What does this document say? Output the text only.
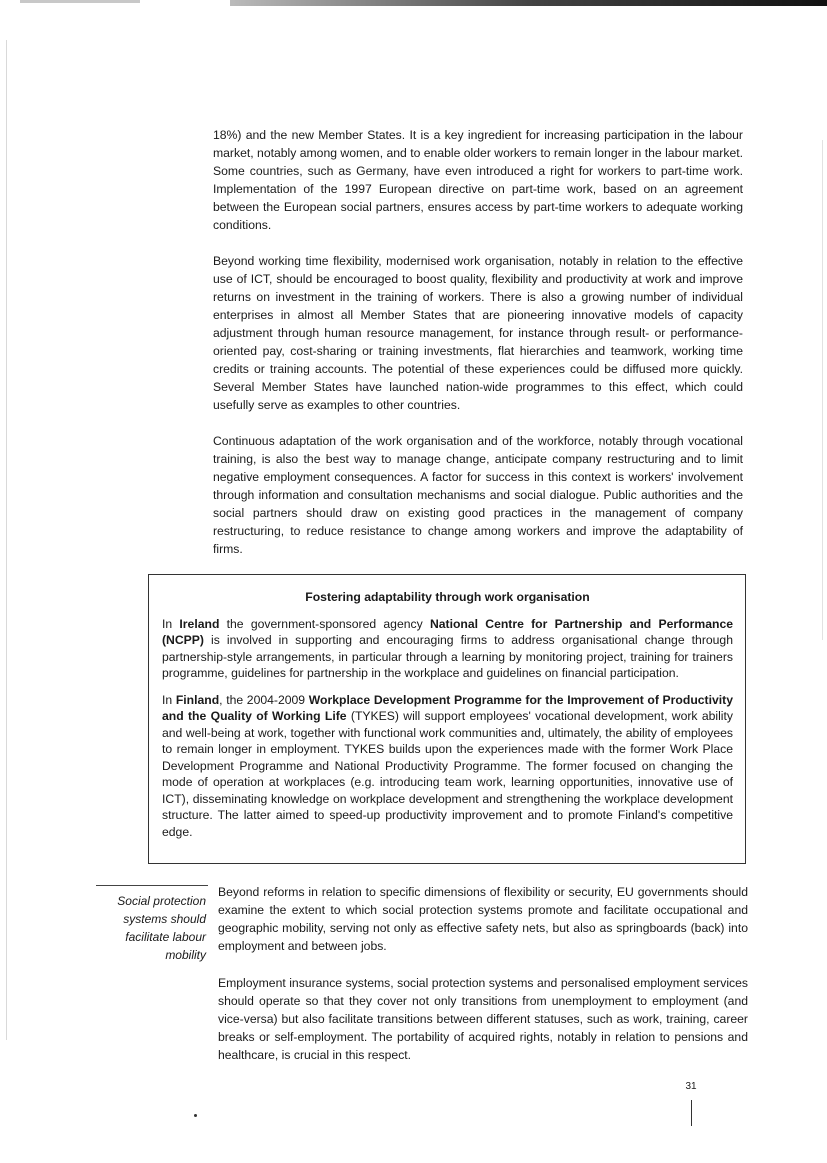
18%) and the new Member States. It is a key ingredient for increasing participation in the labour market, notably among women, and to enable older workers to remain longer in the labour market. Some countries, such as Germany, have even introduced a right for workers to part-time work. Implementation of the 1997 European directive on part-time work, based on an agreement between the European social partners, ensures access by part-time workers to adequate working conditions.

Beyond working time flexibility, modernised work organisation, notably in relation to the effective use of ICT, should be encouraged to boost quality, flexibility and productivity at work and improve returns on investment in the training of workers. There is also a growing number of individual enterprises in almost all Member States that are pioneering innovative models of capacity adjustment through human resource management, for instance through result- or performance-oriented pay, cost-sharing or training investments, flat hierarchies and teamwork, working time credits or training accounts. The potential of these experiences could be diffused more quickly. Several Member States have launched nation-wide programmes to this effect, which could usefully serve as examples to other countries.

Continuous adaptation of the work organisation and of the workforce, notably through vocational training, is also the best way to manage change, anticipate company restructuring and to limit negative employment consequences. A factor for success in this context is workers' involvement through information and consultation mechanisms and social dialogue. Public authorities and the social partners should draw on existing good practices in the management of company restructuring, to reduce resistance to change among workers and improve the adaptability of firms.

Fostering adaptability through work organisation

In Ireland the government-sponsored agency National Centre for Partnership and Performance (NCPP) is involved in supporting and encouraging firms to address organisational change through partnership-style arrangements, in particular through a learning by monitoring project, training for trainers programme, guidelines for partnership in the workplace and guidelines on financial participation.

In Finland, the 2004-2009 Workplace Development Programme for the Improvement of Productivity and the Quality of Working Life (TYKES) will support employees' vocational development, work ability and well-being at work, together with functional work communities and, ultimately, the ability of employees to remain longer in employment. TYKES builds upon the experiences made with the former Work Place Development Programme and National Productivity Programme. The former focused on changing the mode of operation at workplaces (e.g. introducing team work, learning opportunities, innovative use of ICT), disseminating knowledge on workplace development and strengthening the workplace development structure. The latter aimed to speed-up productivity improvement and to promote Finland's competitive edge.

Social protection systems should facilitate labour mobility

Beyond reforms in relation to specific dimensions of flexibility or security, EU governments should examine the extent to which social protection systems promote and facilitate occupational and geographic mobility, serving not only as effective safety nets, but also as springboards (back) into employment and between jobs.

Employment insurance systems, social protection systems and personalised employment services should operate so that they cover not only transitions from unemployment to employment (and vice-versa) but also facilitate transitions between different statuses, such as work, training, career breaks or self-employment. The portability of acquired rights, notably in relation to pensions and healthcare, is crucial in this respect.

31
